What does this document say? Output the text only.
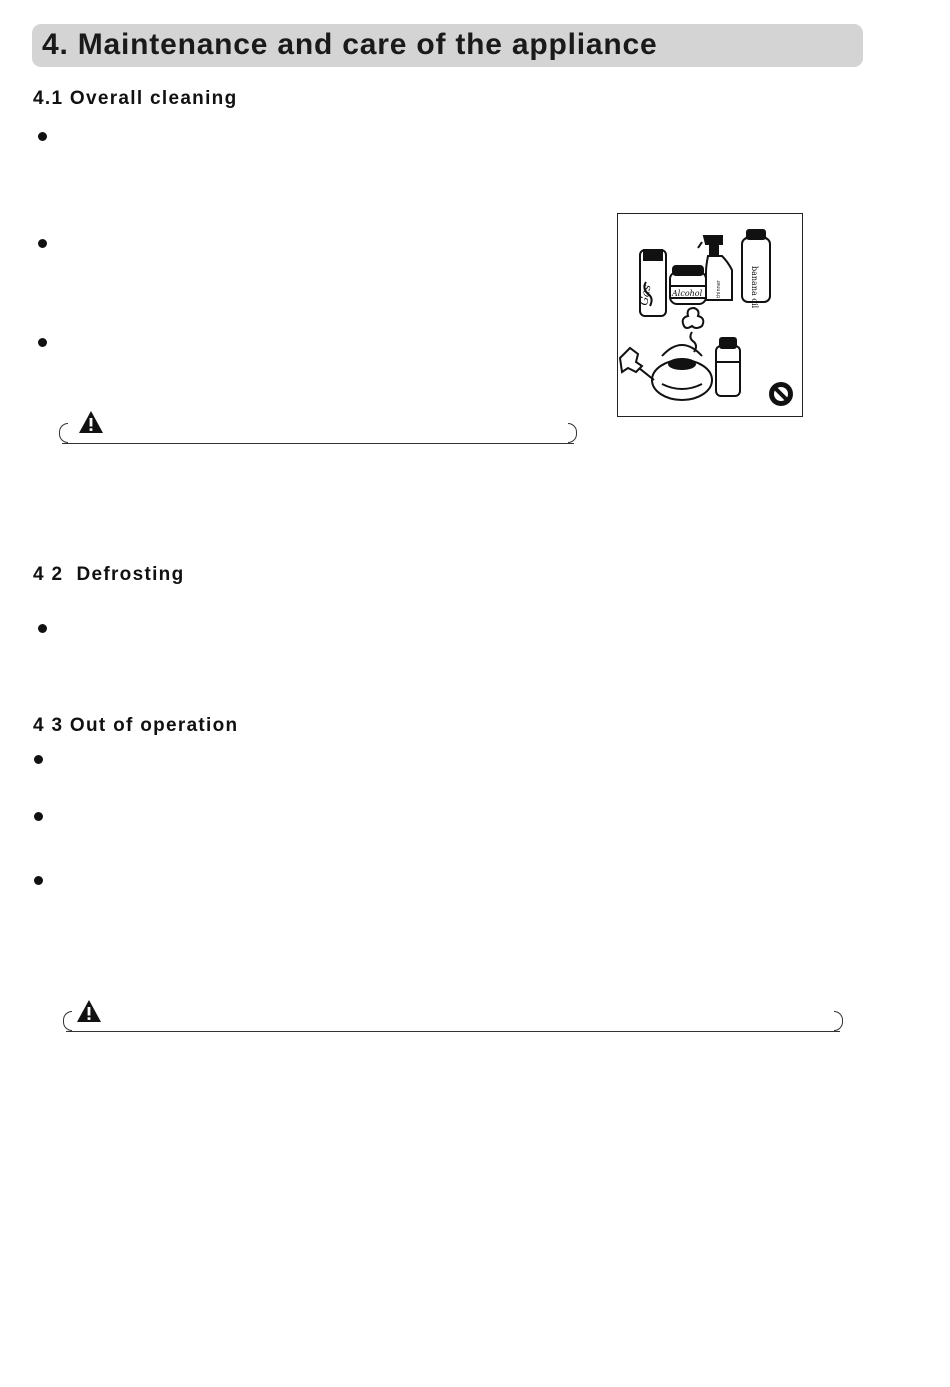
4. Maintenance and care of the appliance
4.1 Overall cleaning
Gas Alcohol	thinner	banana oil
4 2  Defrosting
4 3 Out of operation
